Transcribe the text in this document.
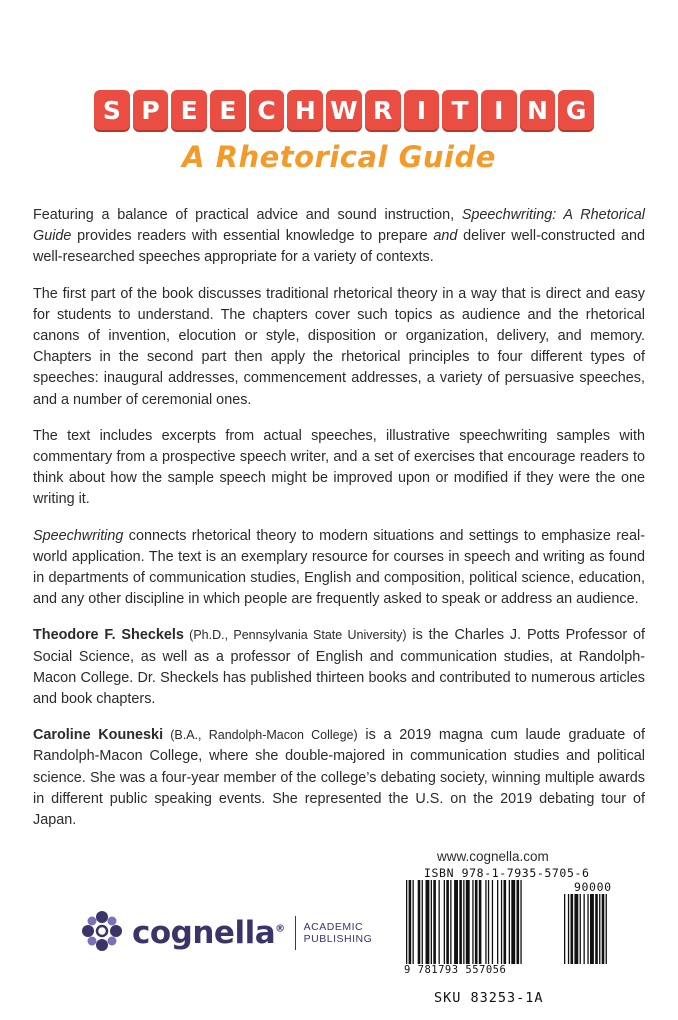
S P E E C H W R I	T	I N G
A Rhetorical Guide

Featuring a balance of practical advice and sound instruction, Speechwriting: A Rhetorical Guide provides readers with essential knowledge to prepare and deliver well-constructed and well-researched speeches appropriate for a variety of contexts.

The first part of the book discusses traditional rhetorical theory in a way that is direct and easy for students to understand. The chapters cover such topics as audience and the rhetorical canons of invention, elocution or style, disposition or organization, delivery, and memory. Chapters in the second part then apply the rhetorical principles to four different types of speeches: inaugural addresses, commencement addresses, a variety of persuasive speeches, and a number of ceremonial ones.

The text includes excerpts from actual speeches, illustrative speechwriting samples with commentary from a prospective speech writer, and a set of exercises that encourage readers to think about how the sample speech might be improved upon or modified if they were the one writing it.

Speechwriting connects rhetorical theory to modern situations and settings to emphasize real-world application. The text is an exemplary resource for courses in speech and writing as found in departments of communication studies, English and composition, political science, education, and any other discipline in which people are frequently asked to speak or address an audience.

Theodore F. Sheckels (Ph.D., Pennsylvania State University) is the Charles J. Potts Professor of Social Science, as well as a professor of English and communication studies, at Randolph-Macon College. Dr. Sheckels has published thirteen books and contributed to numerous articles and book chapters.

Caroline Kouneski (B.A., Randolph-Macon College) is a 2019 magna cum laude graduate of Randolph-Macon College, where she double-majored in communication studies and political science. She was a four-year member of the college’s debating society, winning multiple awards in different public speaking events. She represented the U.S. on the 2019 debating tour of Japan.

cognella® ACADEMIC
PUBLISHING
www.cognella.com
ISBN 978-1-7935-5705-6
90000
9 781793 557056
SKU 83253-1A
